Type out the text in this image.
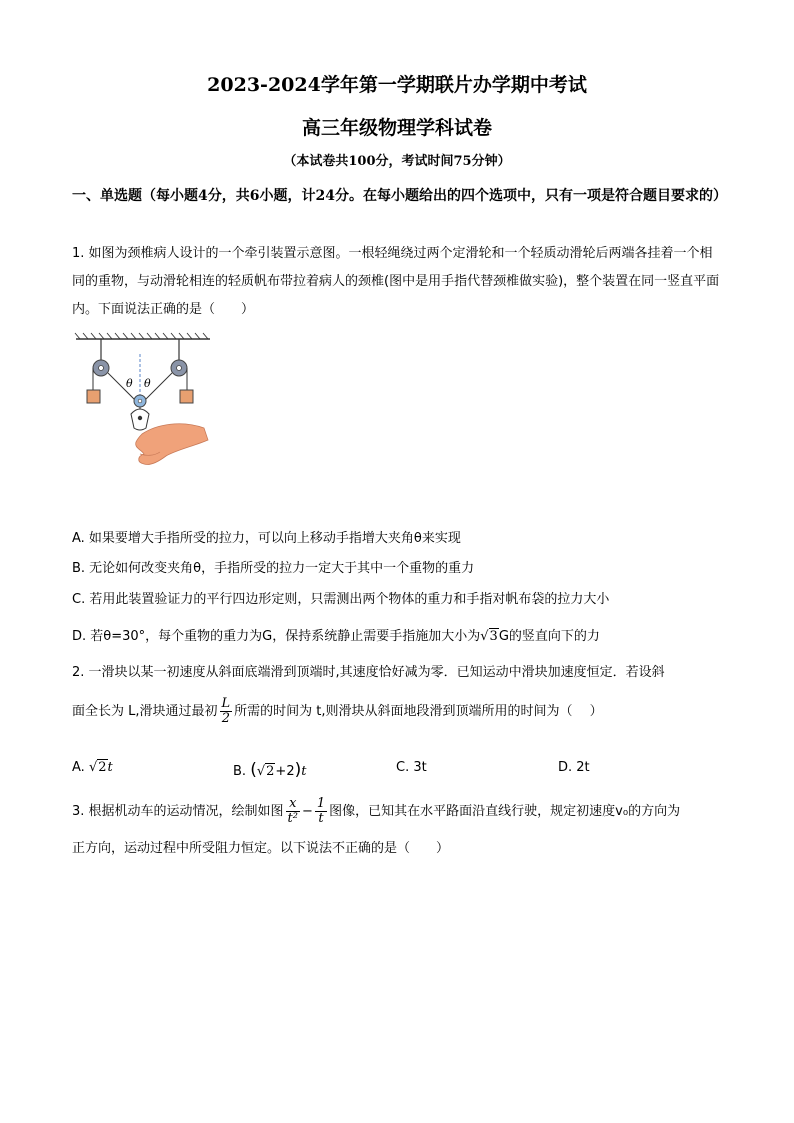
2023-2024学年第一学期联片办学期中考试
高三年级物理学科试卷
（本试卷共100分，考试时间75分钟）
一、单选题（每小题4分，共6小题，计24分。在每小题给出的四个选项中，只有一项是符合题目要求的）
1. 如图为颈椎病人设计的一个牵引装置示意图。一根轻绳绕过两个定滑轮和一个轻质动滑轮后两端各挂着一个相同的重物，与动滑轮相连的轻质帆布带拉着病人的颈椎(图中是用手指代替颈椎做实验)，整个装置在同一竖直平面内。下面说法正确的是（　　）
θ θ
A. 如果要增大手指所受的拉力，可以向上移动手指增大夹角θ来实现
B. 无论如何改变夹角θ，手指所受的拉力一定大于其中一个重物的重力
C. 若用此装置验证力的平行四边形定则，只需测出两个物体的重力和手指对帆布袋的拉力大小
D. 若θ=30°，每个重物的重力为G，保持系统静止需要手指施加大小为√3G的竖直向下的力
2. 一滑块以某一初速度从斜面底端滑到顶端时,其速度恰好减为零．已知运动中滑块加速度恒定．若设斜
面全长为 L,滑块通过最初 $\frac{L}{2}$ 所需的时间为 t,则滑块从斜面地段滑到顶端所用的时间为（　 ）
A. √2t	B. (√2+2)t	C. 3t	D. 2t
3. 根据机动车的运动情况，绘制如图 $\frac{x}{\text{t²}} - \frac{1}{t}$ 图像，已知其在水平路面沿直线行驶，规定初速度v₀的方向为
正方向，运动过程中所受阻力恒定。以下说法不正确的是（　　）
